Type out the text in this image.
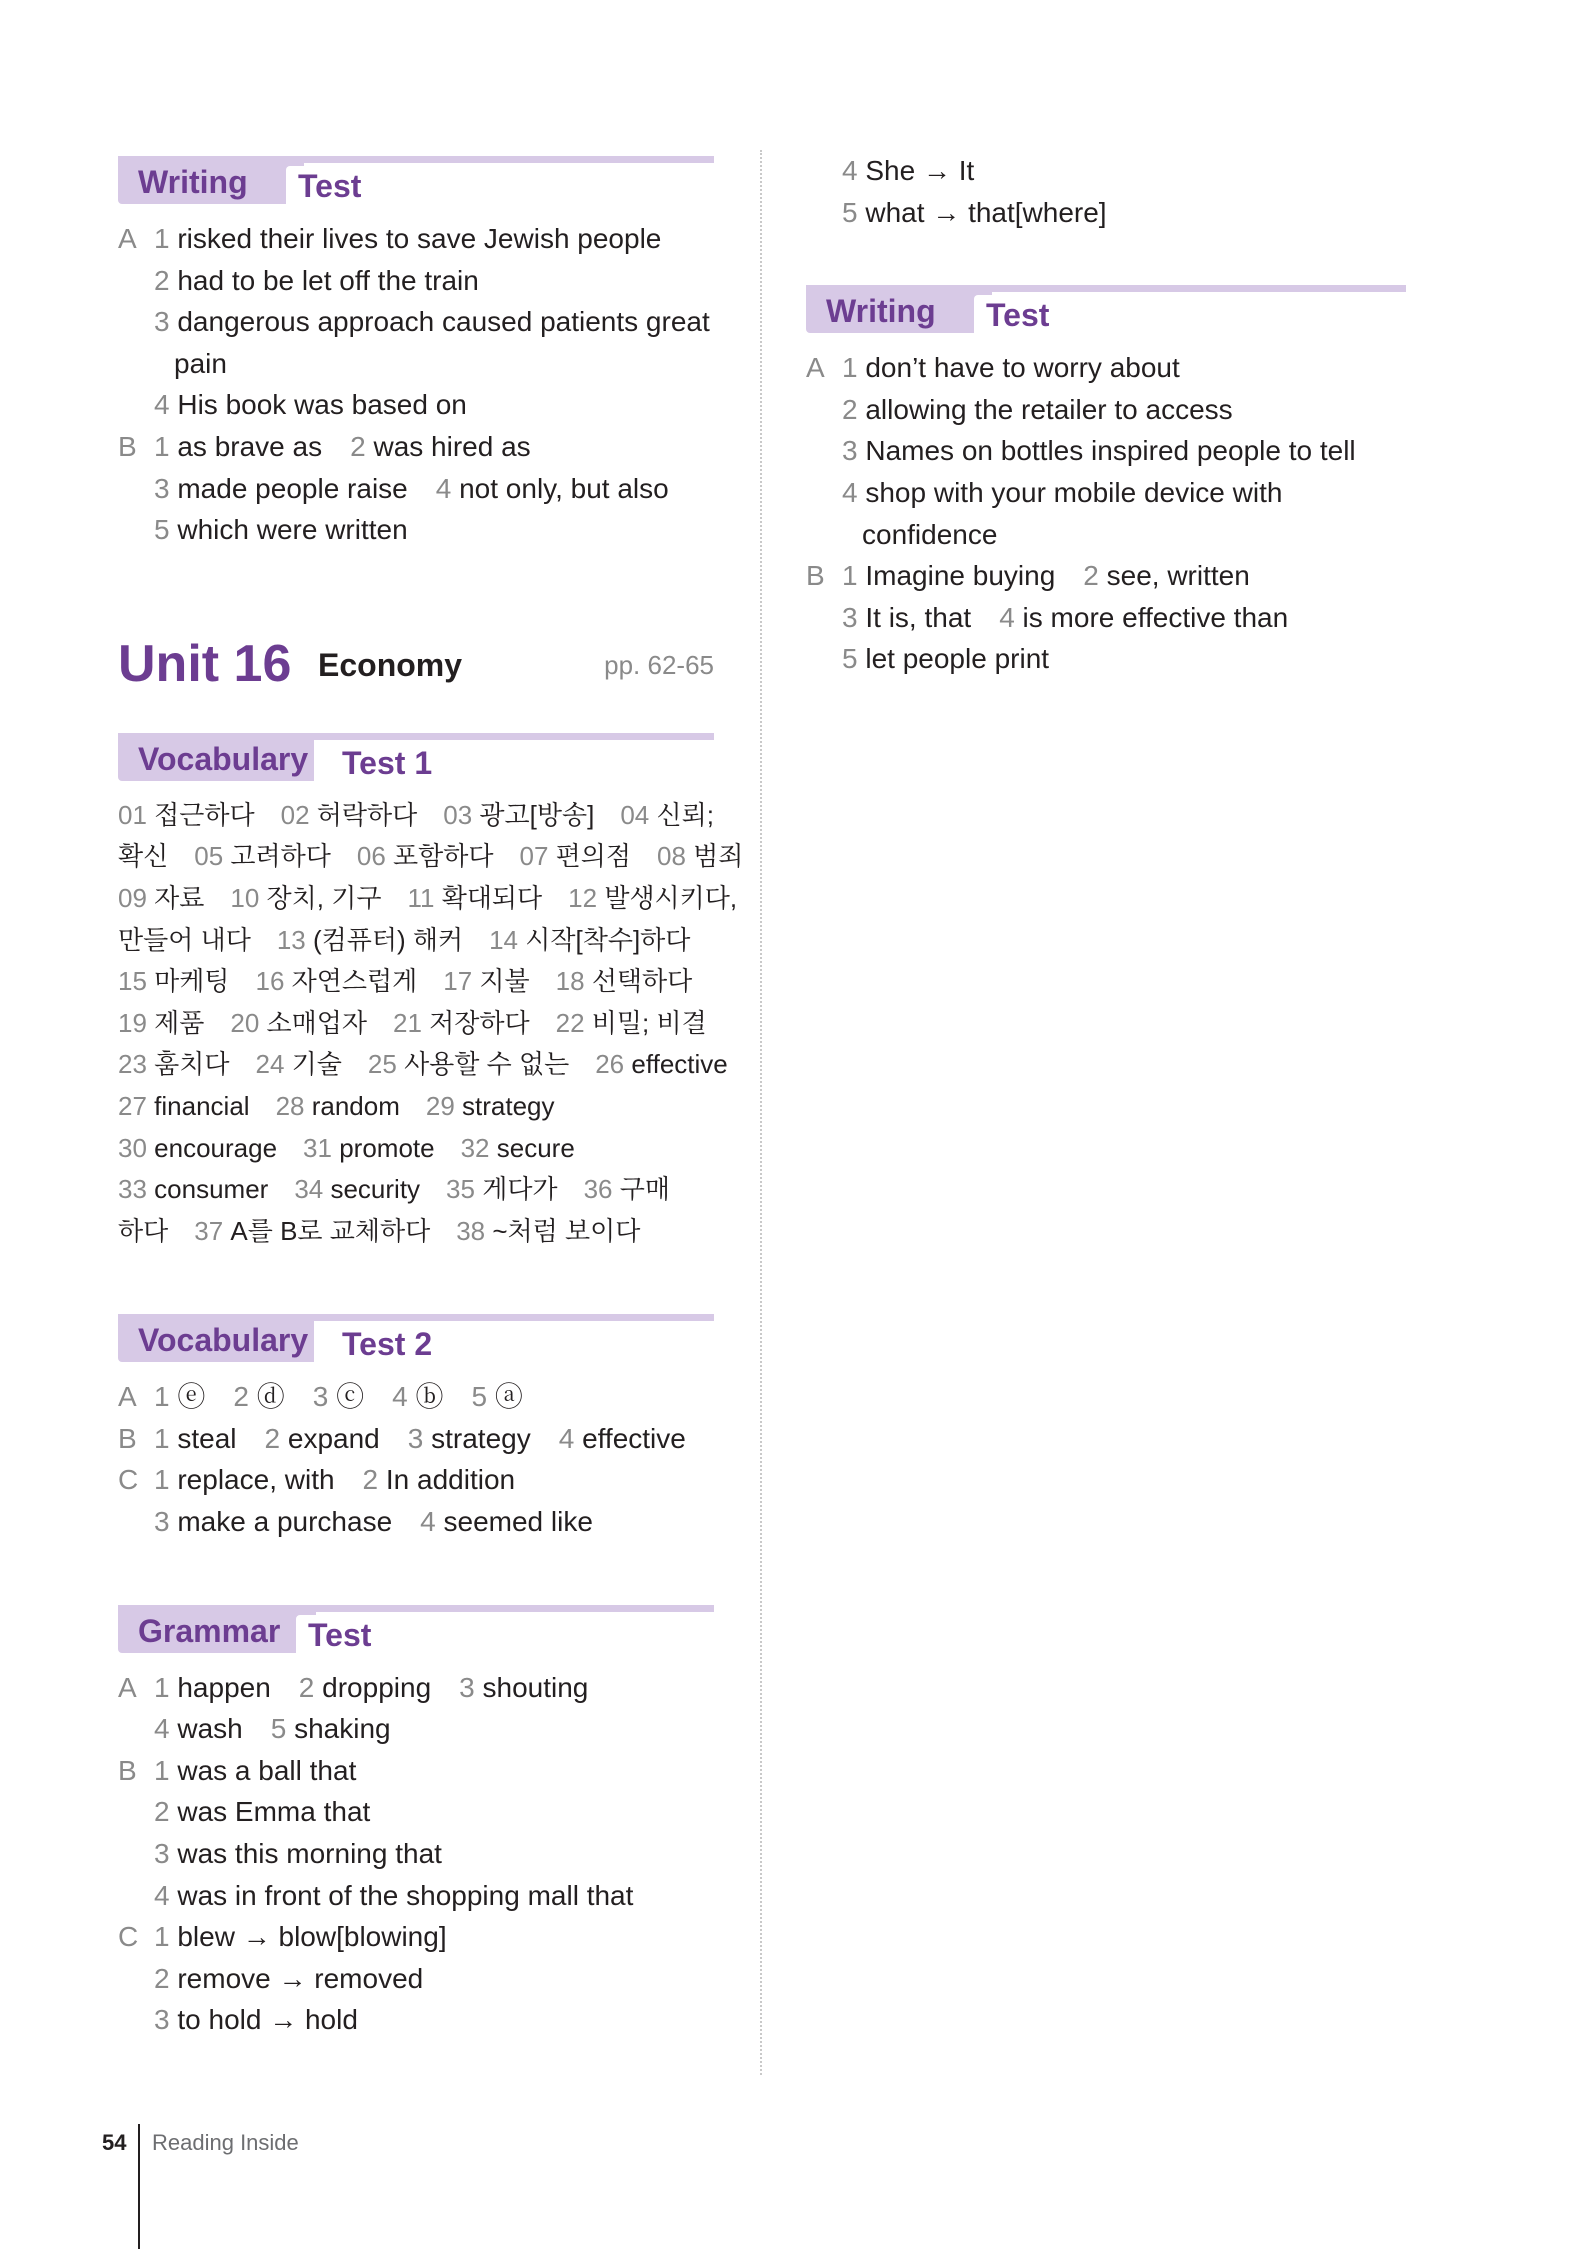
Writing	Test
A 1 risked their lives to save Jewish people
2 had to be let off the train
3 dangerous approach caused patients great
pain
4 His book was based on
B 1 as brave as 2 was hired as
3 made people raise 4 not only, but also
5 which were written
Unit 16 Economy	pp. 62-65
Vocabulary	Test 1
01 접근하다 02 허락하다 03 광고[방송] 04 신뢰;
확신 05 고려하다 06 포함하다 07 편의점 08 범죄
09 자료 10 장치, 기구 11 확대되다 12 발생시키다,
만들어 내다 13 (컴퓨터) 해커 14 시작[착수]하다
15 마케팅 16 자연스럽게 17 지불 18 선택하다
19 제품 20 소매업자 21 저장하다 22 비밀; 비결
23 훔치다 24 기술 25 사용할 수 없는 26 effective
27 financial 28 random 29 strategy
30 encourage 31 promote 32 secure
33 consumer 34 security 35 게다가 36 구매
하다 37 A를 B로 교체하다 38 ~처럼 보이다
Vocabulary	Test 2
A 1 ⓔ 2 ⓓ 3 ⓒ 4 ⓑ 5 ⓐ
B 1 steal 2 expand 3 strategy 4 effective
C 1 replace, with 2 In addition
3 make a purchase 4 seemed like
Grammar Test
A 1 happen 2 dropping 3 shouting
4 wash 5 shaking
B 1 was a ball that
2 was Emma that
3 was this morning that
4 was in front of the shopping mall that
C 1 blew → blow[blowing]
2 remove → removed
3 to hold → hold
4 She → It
5 what → that[where]
Writing	Test
A 1 don’t have to worry about
2 allowing the retailer to access
3 Names on bottles inspired people to tell
4 shop with your mobile device with
confidence
B 1 Imagine buying 2 see, written
3 It is, that 4 is more effective than
5 let people print
54 Reading Inside
